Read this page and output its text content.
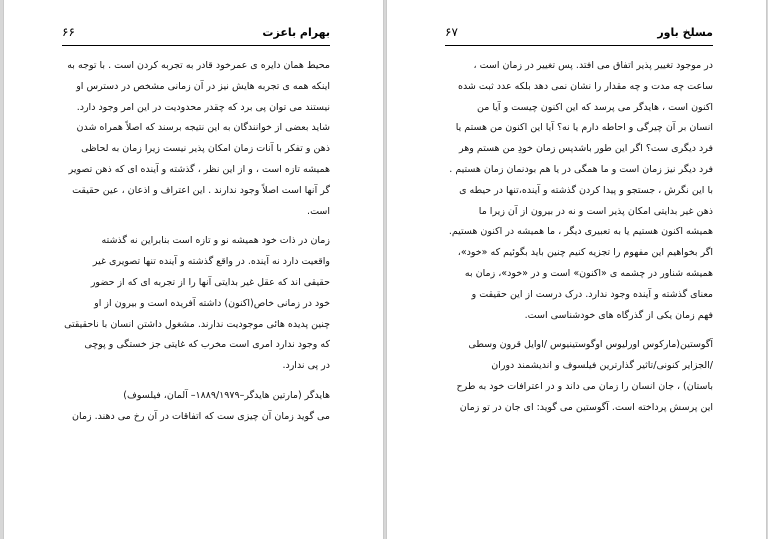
بهرام باعزت
۶۶

محیط همان دایره ی عمرخود قادر به تجربه کردن است . با توجه به
اینکه همه ی تجربه هایش نیز در آن زمانی مشخص در دسترس او
نیستند می توان پی برد که چقدر محدودیت در این امر وجود دارد.
شاید بعضی از خوانندگان به این نتیجه برسند که اصلاً همراه شدن
ذهن و تفکر با آنات زمان امکان پذیر نیست زیرا زمان به لحاظی
همیشه تازه است ، و از این نظر ، گذشته و آینده ای که ذهن تصویر
گر آنها است اصلاً وجود ندارند . این اعتراف و اذعان ، عین حقیقت
است.

زمان در ذات خود همیشه نو و تازه است بنابراین نه گذشته
واقعیت دارد نه آینده. در واقع گذشته و آینده تنها تصویری غیر
حقیقی اند که عقل غیر بدایتی آنها را از تجربه ای که از حضور
خود در زمانی خاص(اکنون) داشته آفریده است و بیرون از او
چنین پدیده هائی موجودیت ندارند. مشغول داشتن انسان با ناحقیقتی
که وجود ندارد امری است مخرب که غایتی جز خستگی و پوچی
در پی ندارد.

هایدگر (مارتین هایدگر–۱۸۸۹/۱۹۷۹– آلمان، فیلسوف)
می گوید زمان آن چیزی ست که اتفاقات در آن رخ می دهند. زمان

مسلخ باور
۶۷

در موجود تغییر پذیر اتفاق می افتد. پس تغییر در زمان است ،
ساعت چه مدت و چه مقدار را نشان نمی دهد بلکه عدد ثبت شده
اکنون است ، هایدگر می پرسد که این اکنون چیست و آیا من
انسان بر آن چیرگی و احاطه دارم یا نه؟ آیا این اکنون من هستم یا
فرد دیگری ست؟ اگر این طور باشدپس زمان خودِ من هستم وهر
فرد دیگر نیز زمان است و ما همگی در یا هم بودنمان زمان هستیم .
با این نگرش ، جستجو و پیدا کردن گذشته و آینده،تنها در حیطه ی
ذهن غیر بدایتی امکان پذیر است و نه در بیرون از آن زیرا ما
همیشه اکنون هستیم یا به تعبیری دیگر ، ما همیشه در اکنون هستیم.
اگر بخواهیم این مفهوم را تجزیه کنیم چنین باید بگوئیم که «خود»،
همیشه شناور در چشمه ی «اکنون» است و در «خود»، زمان به
معنای گذشته و آینده وجود ندارد. درک درست از این حقیقت و
فهم زمان یکی از گذرگاه های خودشناسی است.

آگوستین(مارکوس اورلیوس اوگوستینیوس /اوایل قرون وسطی
/الجزایر کنونی/تاثیر گذارترین فیلسوف و اندیشمند دوران
باستان) ، جان انسان را زمان می داند و در اعترافات خود به طرح
این پرسش پرداخته است. آگوستین می گوید: ای جان در تو زمان
